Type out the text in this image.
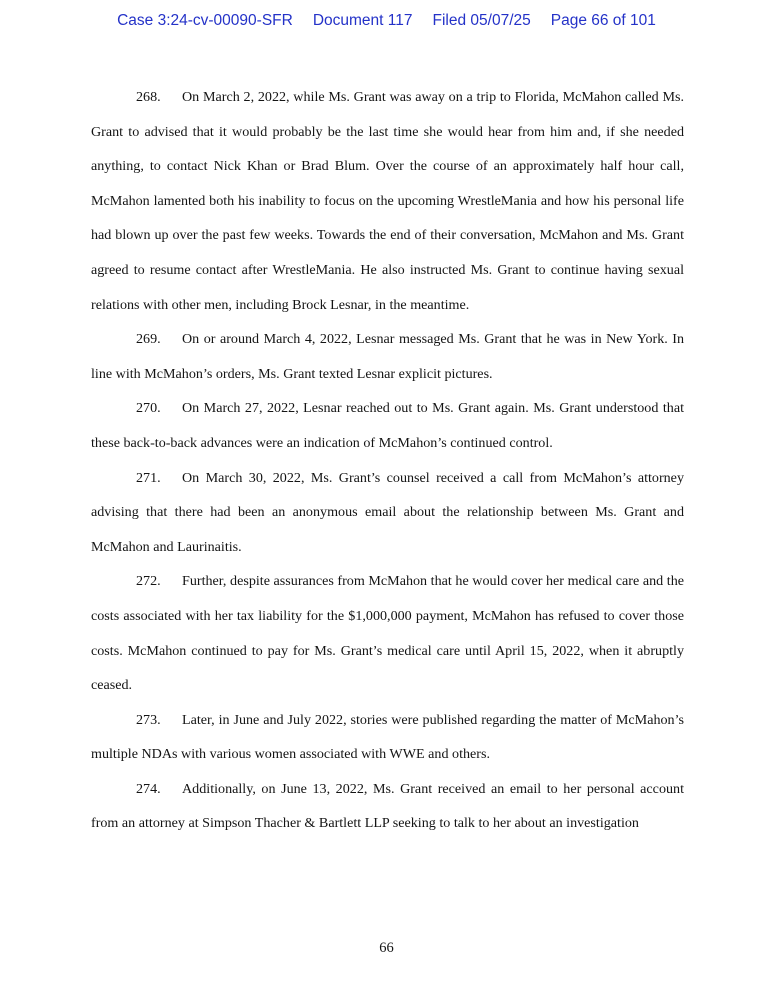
Case 3:24-cv-00090-SFR Document 117 Filed 05/07/25 Page 66 of 101

268. On March 2, 2022, while Ms. Grant was away on a trip to Florida, McMahon called Ms. Grant to advised that it would probably be the last time she would hear from him and, if she needed anything, to contact Nick Khan or Brad Blum. Over the course of an approximately half hour call, McMahon lamented both his inability to focus on the upcoming WrestleMania and how his personal life had blown up over the past few weeks. Towards the end of their conversation, McMahon and Ms. Grant agreed to resume contact after WrestleMania. He also instructed Ms. Grant to continue having sexual relations with other men, including Brock Lesnar, in the meantime.

269. On or around March 4, 2022, Lesnar messaged Ms. Grant that he was in New York. In line with McMahon’s orders, Ms. Grant texted Lesnar explicit pictures.

270. On March 27, 2022, Lesnar reached out to Ms. Grant again. Ms. Grant understood that these back-to-back advances were an indication of McMahon’s continued control.

271. On March 30, 2022, Ms. Grant’s counsel received a call from McMahon’s attorney advising that there had been an anonymous email about the relationship between Ms. Grant and McMahon and Laurinaitis.

272. Further, despite assurances from McMahon that he would cover her medical care and the costs associated with her tax liability for the $1,000,000 payment, McMahon has refused to cover those costs. McMahon continued to pay for Ms. Grant’s medical care until April 15, 2022, when it abruptly ceased.

273. Later, in June and July 2022, stories were published regarding the matter of McMahon’s multiple NDAs with various women associated with WWE and others.

274. Additionally, on June 13, 2022, Ms. Grant received an email to her personal account from an attorney at Simpson Thacher & Bartlett LLP seeking to talk to her about an investigation

66
